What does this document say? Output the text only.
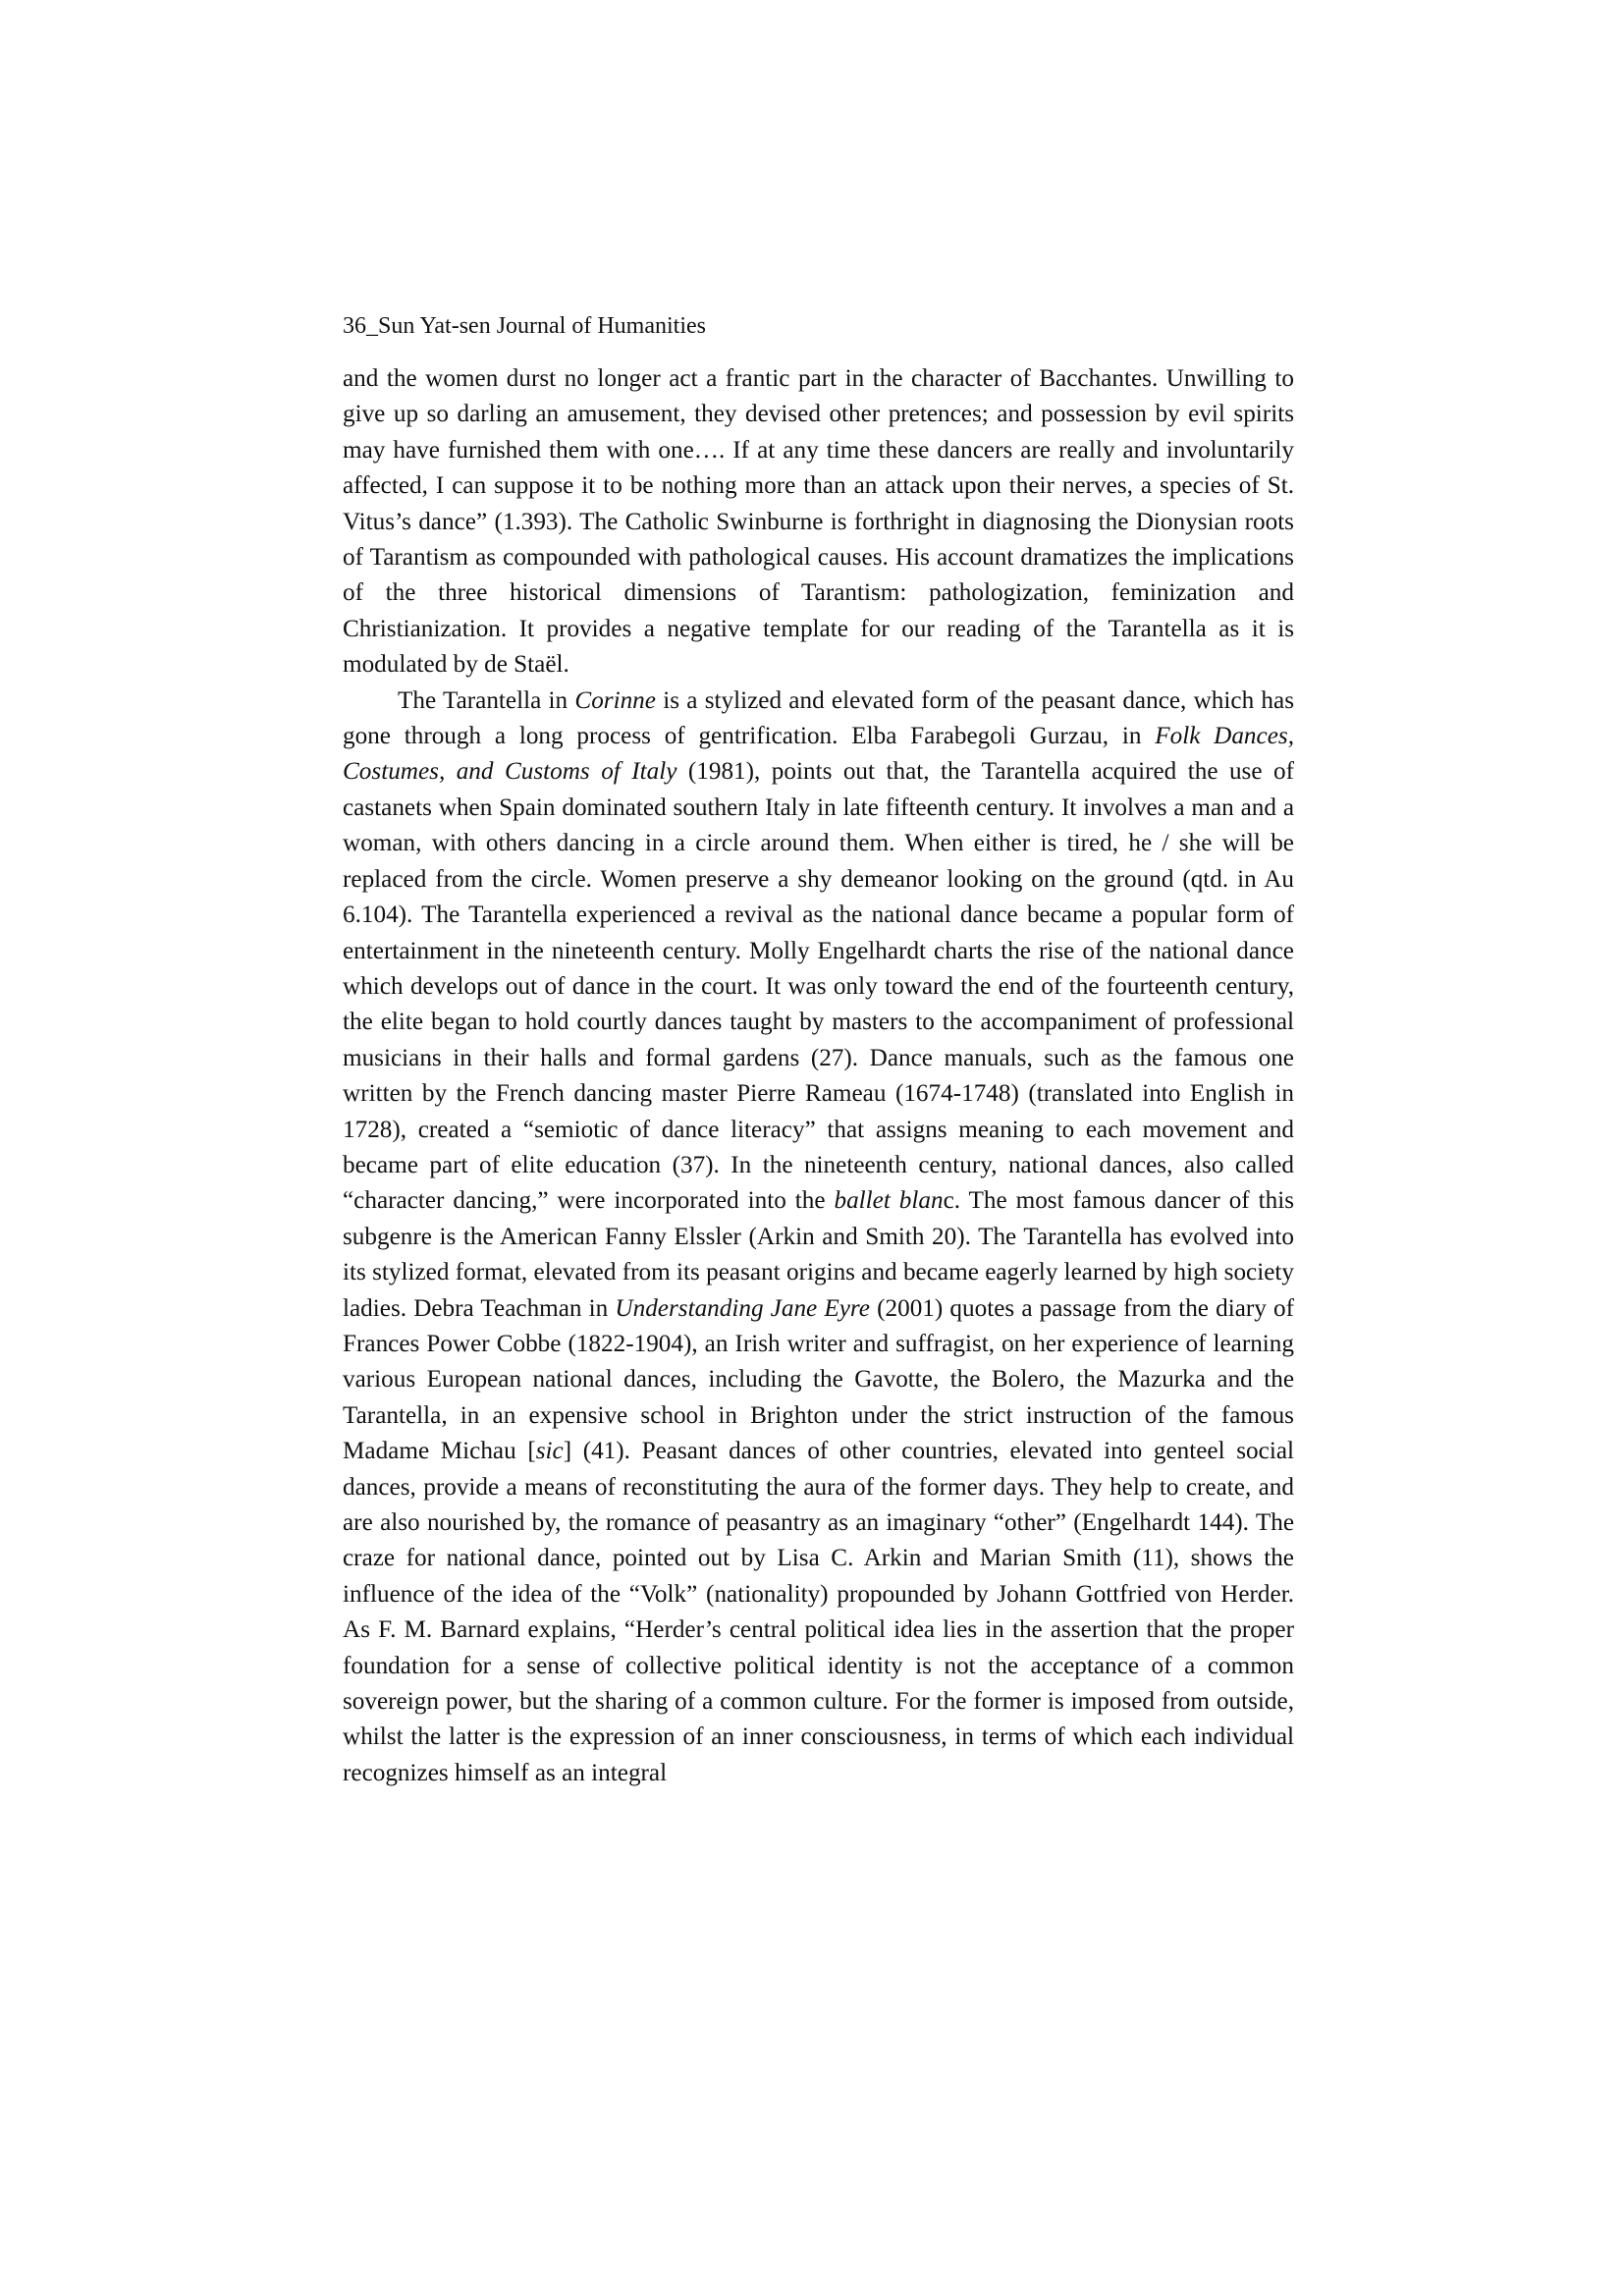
36_Sun Yat-sen Journal of Humanities

and the women durst no longer act a frantic part in the character of Bacchantes. Unwilling to give up so darling an amusement, they devised other pretences; and possession by evil spirits may have furnished them with one…. If at any time these dancers are really and involuntarily affected, I can suppose it to be nothing more than an attack upon their nerves, a species of St. Vitus’s dance” (1.393). The Catholic Swinburne is forthright in diagnosing the Dionysian roots of Tarantism as compounded with pathological causes. His account dramatizes the implications of the three historical dimensions of Tarantism: pathologization, feminization and Christianization. It provides a negative template for our reading of the Tarantella as it is modulated by de Staël.

The Tarantella in Corinne is a stylized and elevated form of the peasant dance, which has gone through a long process of gentrification. Elba Farabegoli Gurzau, in Folk Dances, Costumes, and Customs of Italy (1981), points out that, the Tarantella acquired the use of castanets when Spain dominated southern Italy in late fifteenth century. It involves a man and a woman, with others dancing in a circle around them. When either is tired, he / she will be replaced from the circle. Women preserve a shy demeanor looking on the ground (qtd. in Au 6.104). The Tarantella experienced a revival as the national dance became a popular form of entertainment in the nineteenth century. Molly Engelhardt charts the rise of the national dance which develops out of dance in the court. It was only toward the end of the fourteenth century, the elite began to hold courtly dances taught by masters to the accompaniment of professional musicians in their halls and formal gardens (27). Dance manuals, such as the famous one written by the French dancing master Pierre Rameau (1674-1748) (translated into English in 1728), created a “semiotic of dance literacy” that assigns meaning to each movement and became part of elite education (37). In the nineteenth century, national dances, also called “character dancing,” were incorporated into the ballet blanc. The most famous dancer of this subgenre is the American Fanny Elssler (Arkin and Smith 20). The Tarantella has evolved into its stylized format, elevated from its peasant origins and became eagerly learned by high society ladies. Debra Teachman in Understanding Jane Eyre (2001) quotes a passage from the diary of Frances Power Cobbe (1822-1904), an Irish writer and suffragist, on her experience of learning various European national dances, including the Gavotte, the Bolero, the Mazurka and the Tarantella, in an expensive school in Brighton under the strict instruction of the famous Madame Michau [sic] (41). Peasant dances of other countries, elevated into genteel social dances, provide a means of reconstituting the aura of the former days. They help to create, and are also nourished by, the romance of peasantry as an imaginary “other” (Engelhardt 144). The craze for national dance, pointed out by Lisa C. Arkin and Marian Smith (11), shows the influence of the idea of the “Volk” (nationality) propounded by Johann Gottfried von Herder. As F. M. Barnard explains, “Herder’s central political idea lies in the assertion that the proper foundation for a sense of collective political identity is not the acceptance of a common sovereign power, but the sharing of a common culture. For the former is imposed from outside, whilst the latter is the expression of an inner consciousness, in terms of which each individual recognizes himself as an integral
